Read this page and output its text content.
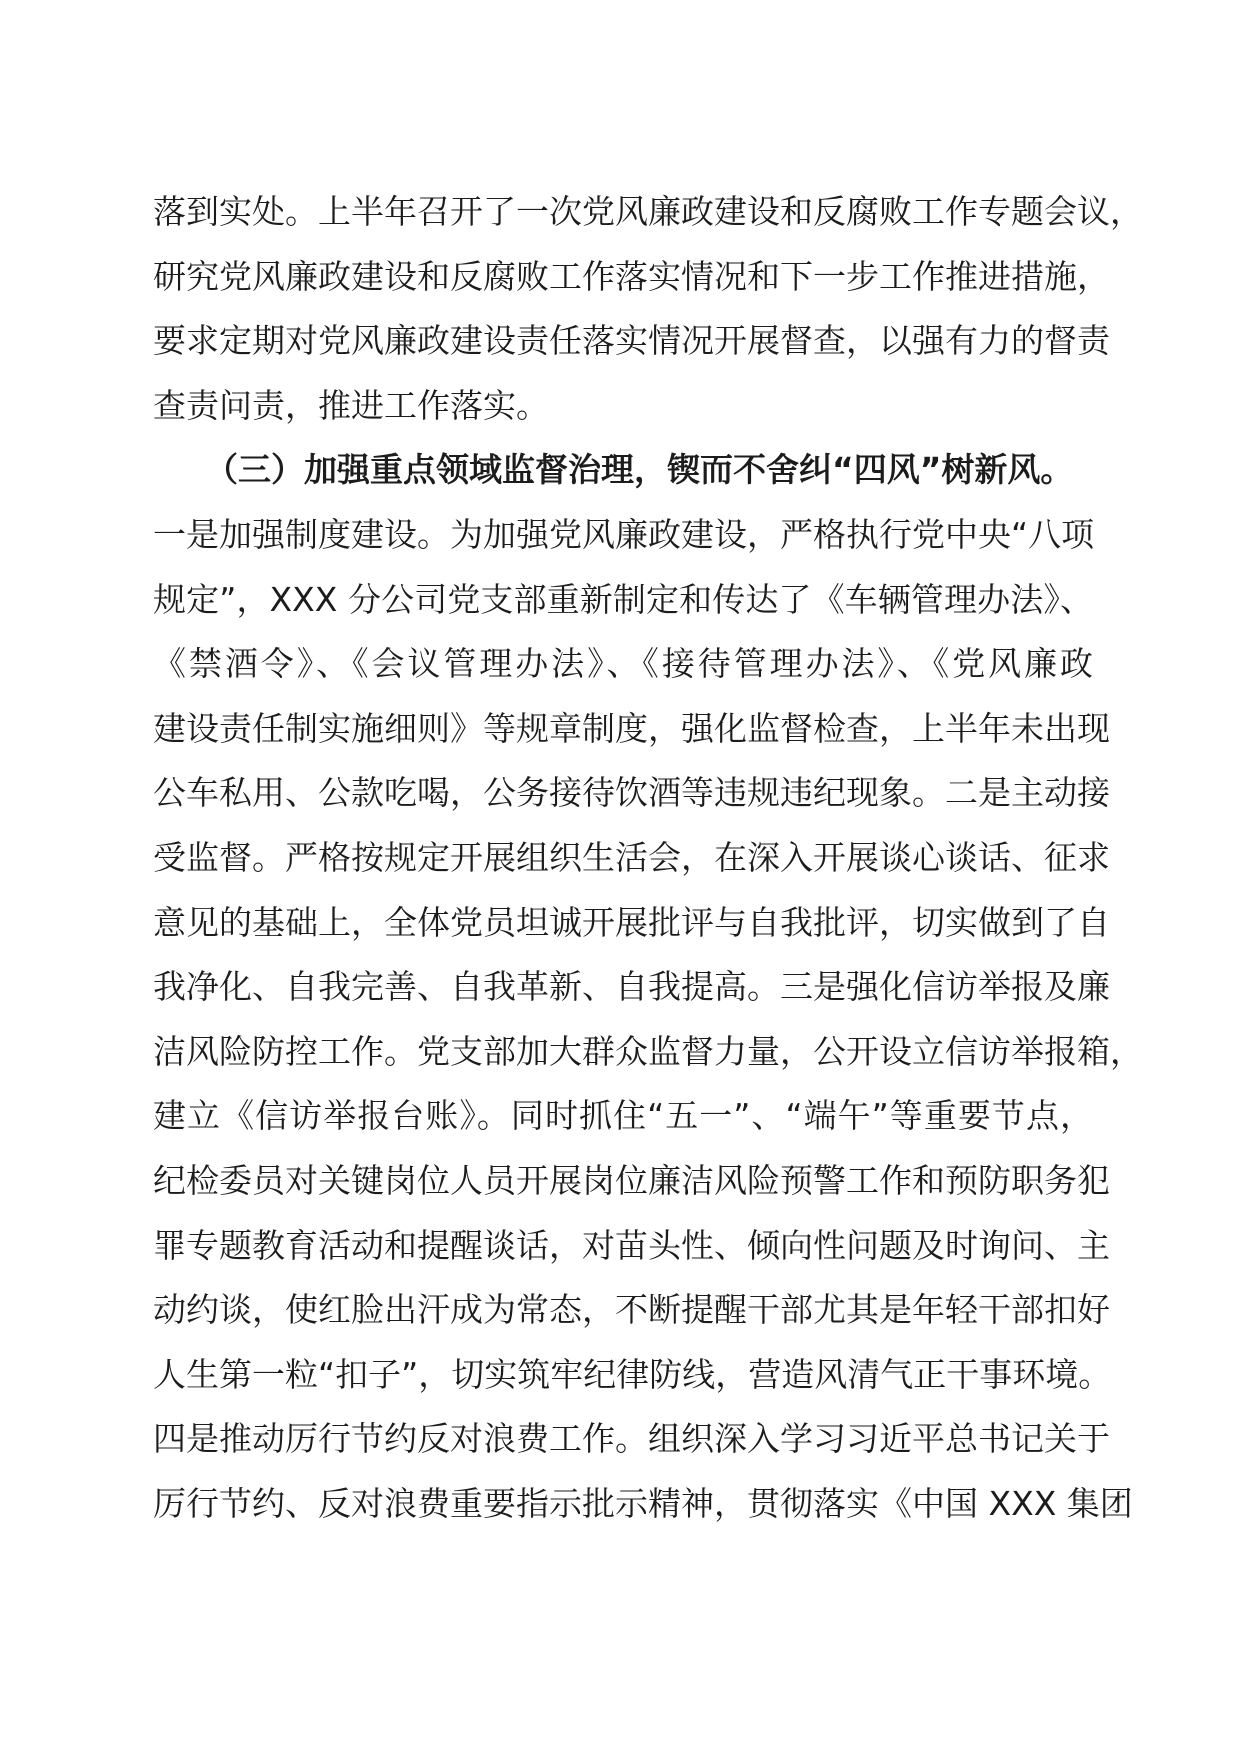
落到实处。上半年召开了一次党风廉政建设和反腐败工作专题会议，
研究党风廉政建设和反腐败工作落实情况和下一步工作推进措施，
要求定期对党风廉政建设责任落实情况开展督查，以强有力的督责
查责问责，推进工作落实。
（三）加强重点领域监督治理，锲而不舍纠“四风”树新风。
一是加强制度建设。为加强党风廉政建设，严格执行党中央“八项
规定”，XXX 分公司党支部重新制定和传达了《车辆管理办法》、
《禁酒令》、《会议管理办法》、《接待管理办法》、《党风廉政
建设责任制实施细则》等规章制度，强化监督检查，上半年未出现
公车私用、公款吃喝，公务接待饮酒等违规违纪现象。二是主动接
受监督。严格按规定开展组织生活会，在深入开展谈心谈话、征求
意见的基础上，全体党员坦诚开展批评与自我批评，切实做到了自
我净化、自我完善、自我革新、自我提高。三是强化信访举报及廉
洁风险防控工作。党支部加大群众监督力量，公开设立信访举报箱，
建立《信访举报台账》。同时抓住“五一”、“端午”等重要节点，
纪检委员对关键岗位人员开展岗位廉洁风险预警工作和预防职务犯
罪专题教育活动和提醒谈话，对苗头性、倾向性问题及时询问、主
动约谈，使红脸出汗成为常态，不断提醒干部尤其是年轻干部扣好
人生第一粒“扣子”，切实筑牢纪律防线，营造风清气正干事环境。
四是推动厉行节约反对浪费工作。组织深入学习习近平总书记关于
厉行节约、反对浪费重要指示批示精神，贯彻落实《中国 XXX 集团
